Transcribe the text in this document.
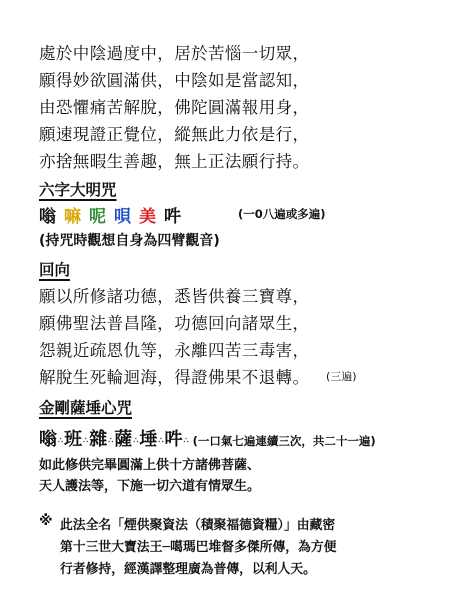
處於中陰過度中，居於苦惱一切眾，
願得妙欲圓滿供，中陰如是當認知，
由恐懼痛苦解脫，佛陀圓滿報用身，
願速現證正覺位，縱無此力依是行，
亦捨無暇生善趣，無上正法願行持。
六字大明咒
嗡 嘛 呢 唄 美 吽	(一0八遍或多遍)
(持咒時觀想自身為四臂觀音)
回向
願以所修諸功德，悉皆供養三寶尊，
願佛聖法普昌隆，功德回向諸眾生，
怨親近疏恩仇等，永離四苦三毒害，
解脫生死輪迴海，得證佛果不退轉。 (三遍)
金剛薩埵心咒
嗡∴班∴雜∴薩∴埵∴吽∴ (一口氣七遍連續三次，共二十一遍)
如此修供完畢圓滿上供十方諸佛菩薩、
天人護法等，下施一切六道有情眾生。
※ 此法全名「煙供聚資法（積聚福德資糧）」由藏密
第十三世大寶法王─噶瑪巴堆督多傑所傳，為方便
行者修持，經漢譯整理廣為普傳，以利人天。
